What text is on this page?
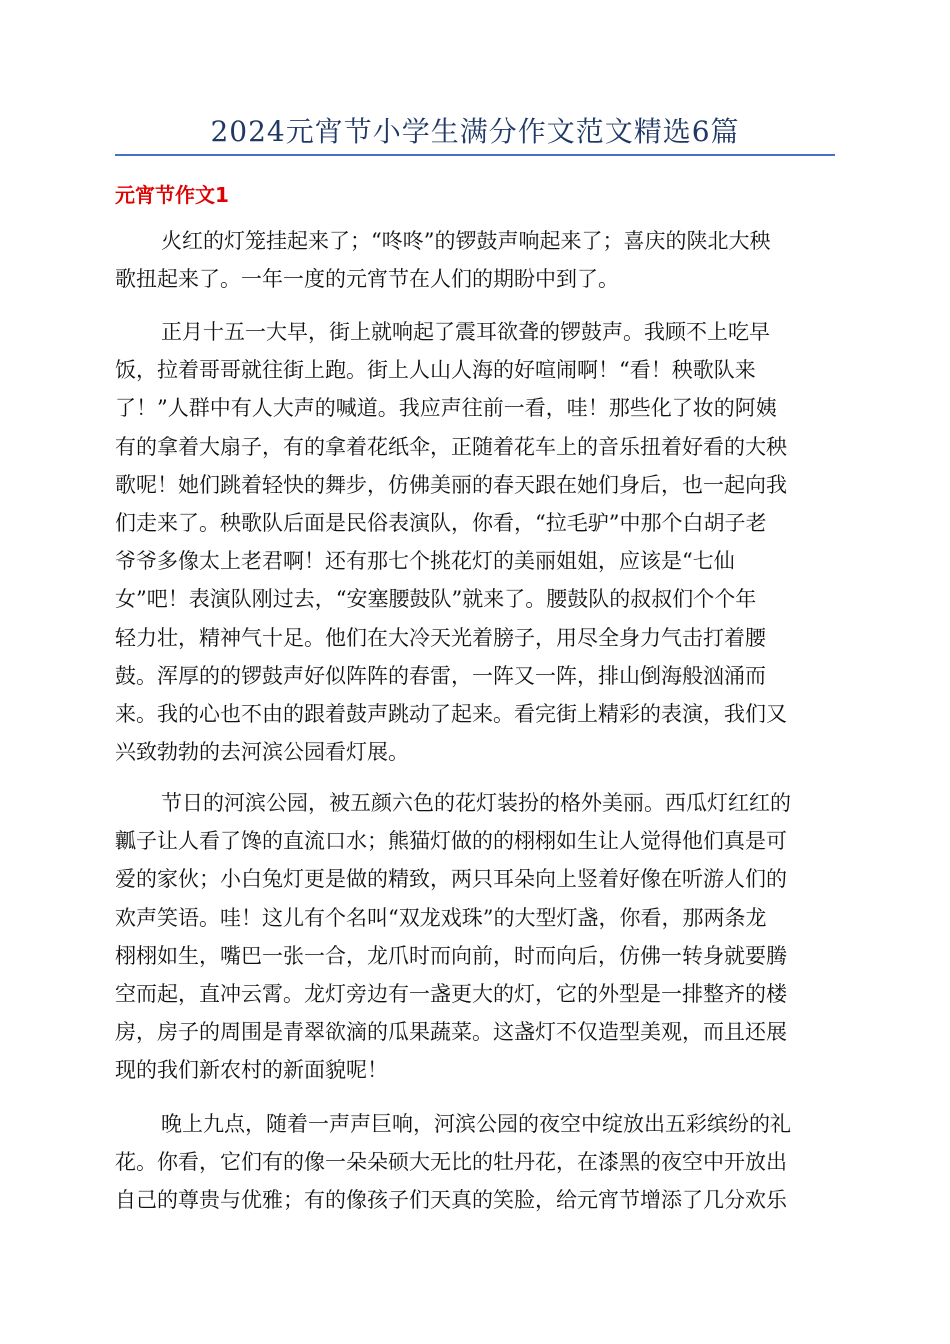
2024元宵节小学生满分作文范文精选6篇
元宵节作文1
火红的灯笼挂起来了；“咚咚”的锣鼓声响起来了；喜庆的陕北大秧
歌扭起来了。一年一度的元宵节在人们的期盼中到了。
正月十五一大早，街上就响起了震耳欲聋的锣鼓声。我顾不上吃早
饭，拉着哥哥就往街上跑。街上人山人海的好喧闹啊！“看！秧歌队来
了！”人群中有人大声的喊道。我应声往前一看，哇！那些化了妆的阿姨
有的拿着大扇子，有的拿着花纸伞，正随着花车上的音乐扭着好看的大秧
歌呢！她们跳着轻快的舞步，仿佛美丽的春天跟在她们身后，也一起向我
们走来了。秧歌队后面是民俗表演队，你看，“拉毛驴”中那个白胡子老
爷爷多像太上老君啊！还有那七个挑花灯的美丽姐姐，应该是“七仙
女”吧！表演队刚过去，“安塞腰鼓队”就来了。腰鼓队的叔叔们个个年
轻力壮，精神气十足。他们在大冷天光着膀子，用尽全身力气击打着腰
鼓。浑厚的的锣鼓声好似阵阵的春雷，一阵又一阵，排山倒海般汹涌而
来。我的心也不由的跟着鼓声跳动了起来。看完街上精彩的表演，我们又
兴致勃勃的去河滨公园看灯展。
节日的河滨公园，被五颜六色的花灯装扮的格外美丽。西瓜灯红红的
瓤子让人看了馋的直流口水；熊猫灯做的的栩栩如生让人觉得他们真是可
爱的家伙；小白兔灯更是做的精致，两只耳朵向上竖着好像在听游人们的
欢声笑语。哇！这儿有个名叫“双龙戏珠”的大型灯盏，你看，那两条龙
栩栩如生，嘴巴一张一合，龙爪时而向前，时而向后，仿佛一转身就要腾
空而起，直冲云霄。龙灯旁边有一盏更大的灯，它的外型是一排整齐的楼
房，房子的周围是青翠欲滴的瓜果蔬菜。这盏灯不仅造型美观，而且还展
现的我们新农村的新面貌呢！
晚上九点，随着一声声巨响，河滨公园的夜空中绽放出五彩缤纷的礼
花。你看，它们有的像一朵朵硕大无比的牡丹花，在漆黑的夜空中开放出
自己的尊贵与优雅；有的像孩子们天真的笑脸，给元宵节增添了几分欢乐
